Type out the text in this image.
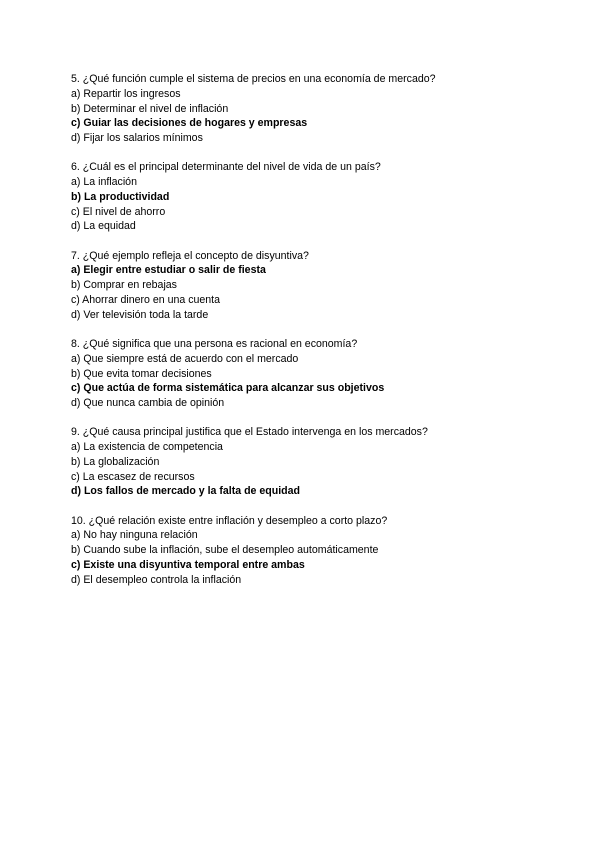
5. ¿Qué función cumple el sistema de precios en una economía de mercado?
a) Repartir los ingresos
b) Determinar el nivel de inflación
c) Guiar las decisiones de hogares y empresas
d) Fijar los salarios mínimos
6. ¿Cuál es el principal determinante del nivel de vida de un país?
a) La inflación
b) La productividad
c) El nivel de ahorro
d) La equidad
7. ¿Qué ejemplo refleja el concepto de disyuntiva?
a) Elegir entre estudiar o salir de fiesta
b) Comprar en rebajas
c) Ahorrar dinero en una cuenta
d) Ver televisión toda la tarde
8. ¿Qué significa que una persona es racional en economía?
a) Que siempre está de acuerdo con el mercado
b) Que evita tomar decisiones
c) Que actúa de forma sistemática para alcanzar sus objetivos
d) Que nunca cambia de opinión
9. ¿Qué causa principal justifica que el Estado intervenga en los mercados?
a) La existencia de competencia
b) La globalización
c) La escasez de recursos
d) Los fallos de mercado y la falta de equidad
10. ¿Qué relación existe entre inflación y desempleo a corto plazo?
a) No hay ninguna relación
b) Cuando sube la inflación, sube el desempleo automáticamente
c) Existe una disyuntiva temporal entre ambas
d) El desempleo controla la inflación
